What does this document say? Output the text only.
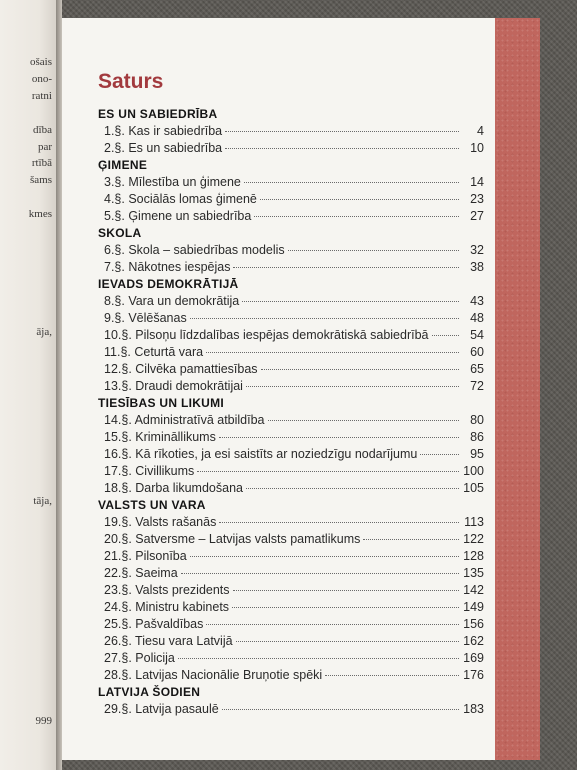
ošais
ono-
ratni
dība
par
rtībā
šams
kmes
āja,
tāja,
999
Saturs
ES UN SABIEDRĪBA
1.§. Kas ir sabiedrība	4
2.§. Es un sabiedrība	10
ĢIMENE
3.§. Mīlestība un ģimene	14
4.§. Sociālās lomas ģimenē	23
5.§. Ģimene un sabiedrība	27
SKOLA
6.§. Skola – sabiedrības modelis	32
7.§. Nākotnes iespējas	38
IEVADS DEMOKRĀTIJĀ
8.§. Vara un demokrātija	43
9.§. Vēlēšanas	48
10.§. Pilsoņu līdzdalības iespējas demokrātiskā sabiedrībā	54
11.§. Ceturtā vara	60
12.§. Cilvēka pamattiesības	65
13.§. Draudi demokrātijai	72
TIESĪBAS UN LIKUMI
14.§. Administratīvā atbildība	80
15.§. Krimināllikums	86
16.§. Kā rīkoties, ja esi saistīts ar noziedzīgu nodarījumu	95
17.§. Civillikums	100
18.§. Darba likumdošana	105
VALSTS UN VARA
19.§. Valsts rašanās	113
20.§. Satversme – Latvijas valsts pamatlikums	122
21.§. Pilsonība	128
22.§. Saeima	135
23.§. Valsts prezidents	142
24.§. Ministru kabinets	149
25.§. Pašvaldības	156
26.§. Tiesu vara Latvijā	162
27.§. Policija	169
28.§. Latvijas Nacionālie Bruņotie spēki	176
LATVIJA ŠODIEN
29.§. Latvija pasaulē	183
